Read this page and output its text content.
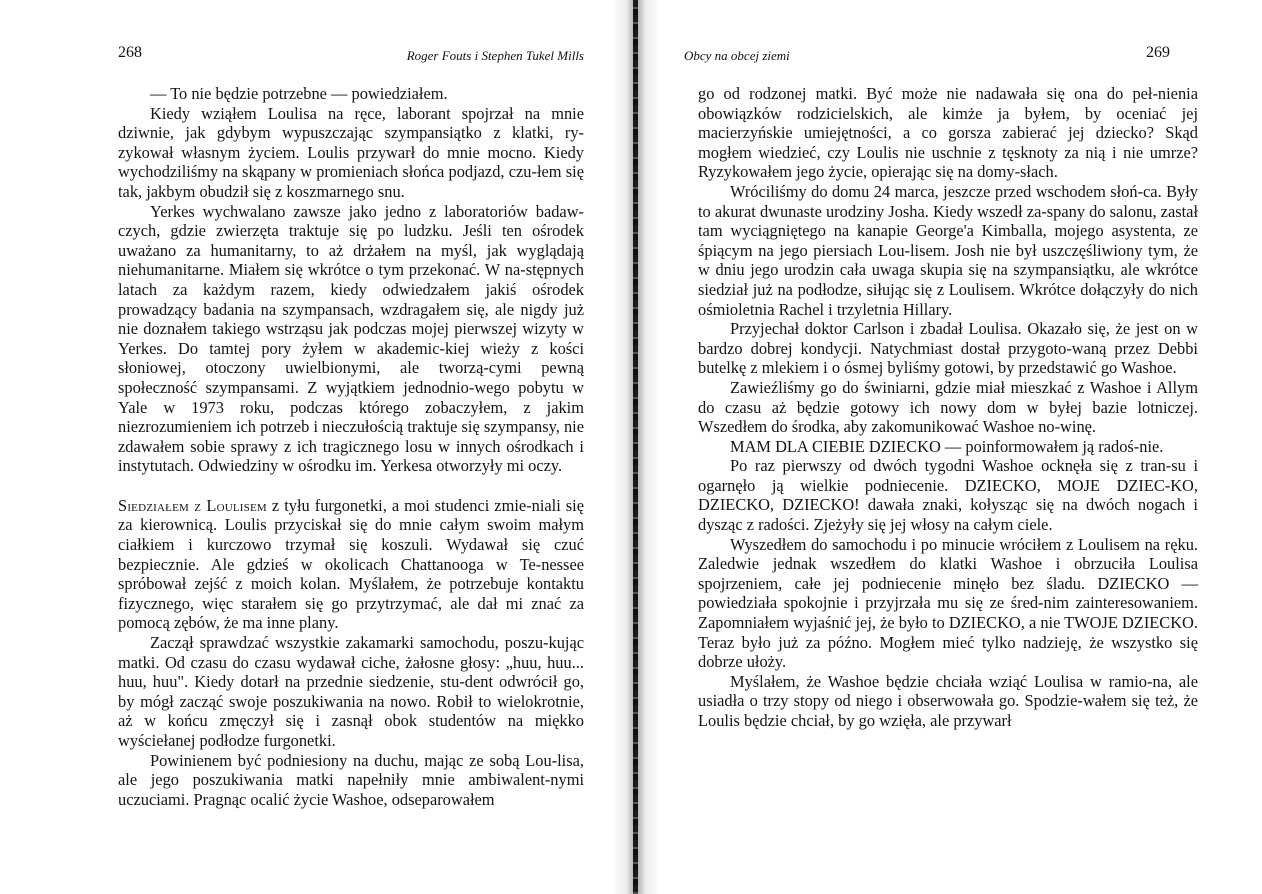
268	Roger Fouts i Stephen Tukel Mills

— To nie będzie potrzebne — powiedziałem.

Kiedy wziąłem Loulisa na ręce, laborant spojrzał na mnie dziwnie, jak gdybym wypuszczając szympansiątko z klatki, ry-zykował własnym życiem. Loulis przywarł do mnie mocno. Kiedy wychodziliśmy na skąpany w promieniach słońca podjazd, czu-łem się tak, jakbym obudził się z koszmarnego snu.

Yerkes wychwalano zawsze jako jedno z laboratoriów badaw-czych, gdzie zwierzęta traktuje się po ludzku. Jeśli ten ośrodek uważano za humanitarny, to aż drżałem na myśl, jak wyglądają niehumanitarne. Miałem się wkrótce o tym przekonać. W na-stępnych latach za każdym razem, kiedy odwiedzałem jakiś ośrodek prowadzący badania na szympansach, wzdragałem się, ale nigdy już nie doznałem takiego wstrząsu jak podczas mojej pierwszej wizyty w Yerkes. Do tamtej pory żyłem w akademic-kiej wieży z kości słoniowej, otoczony uwielbionymi, ale tworzą-cymi pewną społeczność szympansami. Z wyjątkiem jednodnio-wego pobytu w Yale w 1973 roku, podczas którego zobaczyłem, z jakim niezrozumieniem ich potrzeb i nieczułością traktuje się szympansy, nie zdawałem sobie sprawy z ich tragicznego losu w innych ośrodkach i instytutach. Odwiedziny w ośrodku im. Yerkesa otworzyły mi oczy.

Siedziałem z Loulisem z tyłu furgonetki, a moi studenci zmie-niali się za kierownicą. Loulis przyciskał się do mnie całym swoim małym ciałkiem i kurczowo trzymał się koszuli. Wydawał się czuć bezpiecznie. Ale gdzieś w okolicach Chattanooga w Te-nessee spróbował zejść z moich kolan. Myślałem, że potrzebuje kontaktu fizycznego, więc starałem się go przytrzymać, ale dał mi znać za pomocą zębów, że ma inne plany.

Zaczął sprawdzać wszystkie zakamarki samochodu, poszu-kując matki. Od czasu do czasu wydawał ciche, żałosne głosy: „huu, huu... huu, huu". Kiedy dotarł na przednie siedzenie, stu-dent odwrócił go, by mógł zacząć swoje poszukiwania na nowo. Robił to wielokrotnie, aż w końcu zmęczył się i zasnął obok studentów na miękko wyściełanej podłodze furgonetki.

Powinienem być podniesiony na duchu, mając ze sobą Lou-lisa, ale jego poszukiwania matki napełniły mnie ambiwalent-nymi uczuciami. Pragnąc ocalić życie Washoe, odseparowałem

Obcy na obcej ziemi	269

go od rodzonej matki. Być może nie nadawała się ona do peł-nienia obowiązków rodzicielskich, ale kimże ja byłem, by oceniać jej macierzyńskie umiejętności, a co gorsza zabierać jej dziecko? Skąd mogłem wiedzieć, czy Loulis nie uschnie z tęsknoty za nią i nie umrze? Ryzykowałem jego życie, opierając się na domy-słach.

Wróciliśmy do domu 24 marca, jeszcze przed wschodem słoń-ca. Były to akurat dwunaste urodziny Josha. Kiedy wszedł za-spany do salonu, zastał tam wyciągniętego na kanapie George'a Kimballa, mojego asystenta, ze śpiącym na jego piersiach Lou-lisem. Josh nie był uszczęśliwiony tym, że w dniu jego urodzin cała uwaga skupia się na szympansiątku, ale wkrótce siedział już na podłodze, siłując się z Loulisem. Wkrótce dołączyły do nich ośmioletnia Rachel i trzyletnia Hillary.

Przyjechał doktor Carlson i zbadał Loulisa. Okazało się, że jest on w bardzo dobrej kondycji. Natychmiast dostał przygoto-waną przez Debbi butelkę z mlekiem i o ósmej byliśmy gotowi, by przedstawić go Washoe.

Zawieźliśmy go do świniarni, gdzie miał mieszkać z Washoe i Allym do czasu aż będzie gotowy ich nowy dom w byłej bazie lotniczej. Wszedłem do środka, aby zakomunikować Washoe no-winę.

MAM DLA CIEBIE DZIECKO — poinformowałem ją radoś-nie.

Po raz pierwszy od dwóch tygodni Washoe ocknęła się z tran-su i ogarnęło ją wielkie podniecenie. DZIECKO, MOJE DZIEC-KO, DZIECKO, DZIECKO! dawała znaki, kołysząc się na dwóch nogach i dysząc z radości. Zjeżyły się jej włosy na całym ciele.

Wyszedłem do samochodu i po minucie wróciłem z Loulisem na ręku. Zaledwie jednak wszedłem do klatki Washoe i obrzuciła Loulisa spojrzeniem, całe jej podniecenie minęło bez śladu. DZIECKO — powiedziała spokojnie i przyjrzała mu się ze śred-nim zainteresowaniem. Zapomniałem wyjaśnić jej, że było to DZIECKO, a nie TWOJE DZIECKO. Teraz było już za późno. Mogłem mieć tylko nadzieję, że wszystko się dobrze ułoży.

Myślałem, że Washoe będzie chciała wziąć Loulisa w ramio-na, ale usiadła o trzy stopy od niego i obserwowała go. Spodzie-wałem się też, że Loulis będzie chciał, by go wzięła, ale przywarł
